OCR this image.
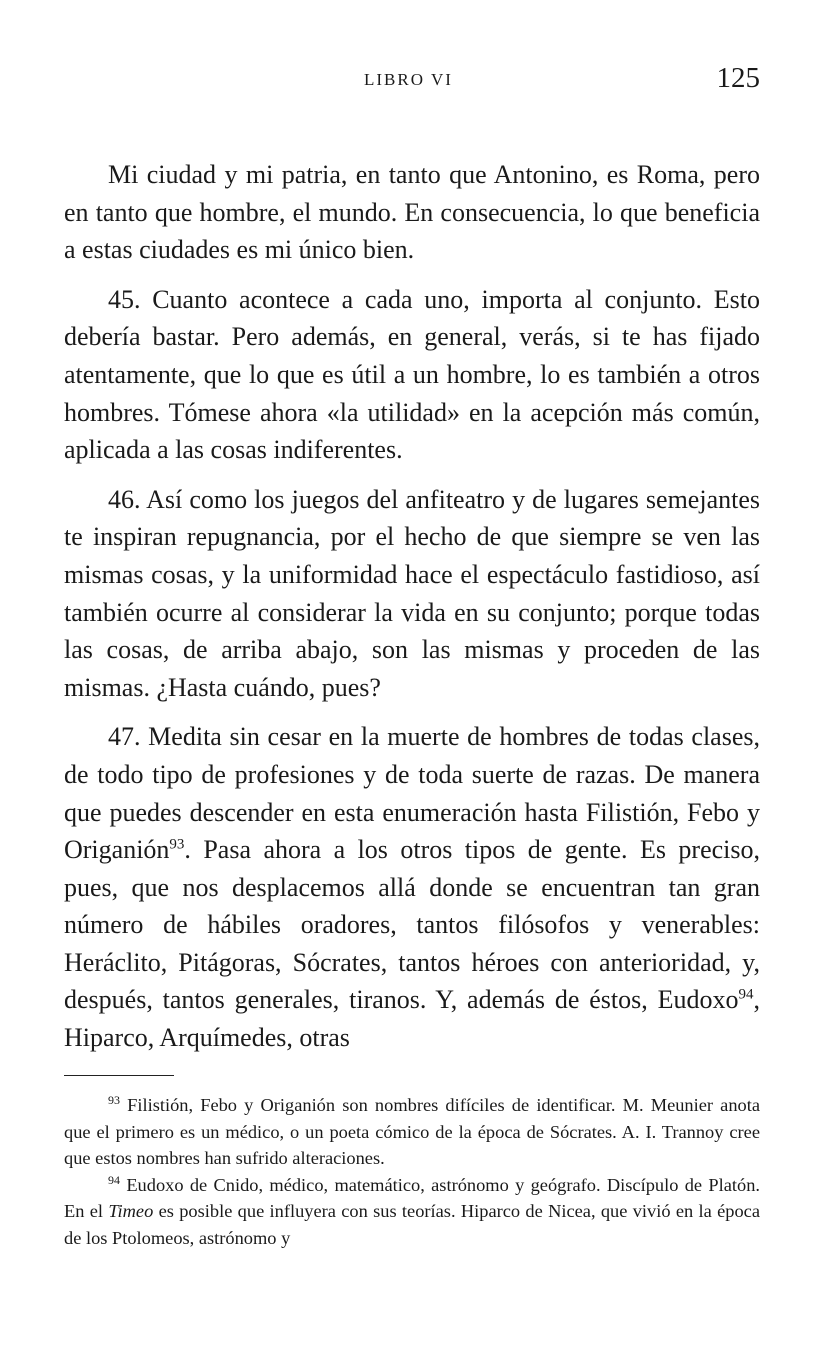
LIBRO VI	125

Mi ciudad y mi patria, en tanto que Antonino, es Roma, pero en tanto que hombre, el mundo. En consecuencia, lo que beneficia a estas ciudades es mi único bien.

45. Cuanto acontece a cada uno, importa al conjunto. Esto debería bastar. Pero además, en general, verás, si te has fijado atentamente, que lo que es útil a un hombre, lo es también a otros hombres. Tómese ahora «la utilidad» en la acepción más común, aplicada a las cosas indiferentes.

46. Así como los juegos del anfiteatro y de lugares semejantes te inspiran repugnancia, por el hecho de que siempre se ven las mismas cosas, y la uniformidad hace el espectáculo fastidioso, así también ocurre al considerar la vida en su conjunto; porque todas las cosas, de arriba abajo, son las mismas y proceden de las mismas. ¿Hasta cuándo, pues?

47. Medita sin cesar en la muerte de hombres de todas clases, de todo tipo de profesiones y de toda suerte de razas. De manera que puedes descender en esta enumeración hasta Filistión, Febo y Origanión$^{93}$. Pasa ahora a los otros tipos de gente. Es preciso, pues, que nos desplacemos allá donde se encuentran tan gran número de hábiles oradores, tantos filósofos y venerables: Heráclito, Pitágoras, Sócrates, tantos héroes con anterioridad, y, después, tantos generales, tiranos. Y, además de éstos, Eudoxo$^{94}$, Hiparco, Arquímedes, otras

$^{93}$ Filistión, Febo y Origanión son nombres difíciles de identificar. M. Meunier anota que el primero es un médico, o un poeta cómico de la época de Sócrates. A. I. Trannoy cree que estos nombres han sufrido alteraciones.

$^{94}$ Eudoxo de Cnido, médico, matemático, astrónomo y geógrafo. Discípulo de Platón. En el Timeo es posible que influyera con sus teorías. Hiparco de Nicea, que vivió en la época de los Ptolomeos, astrónomo y
